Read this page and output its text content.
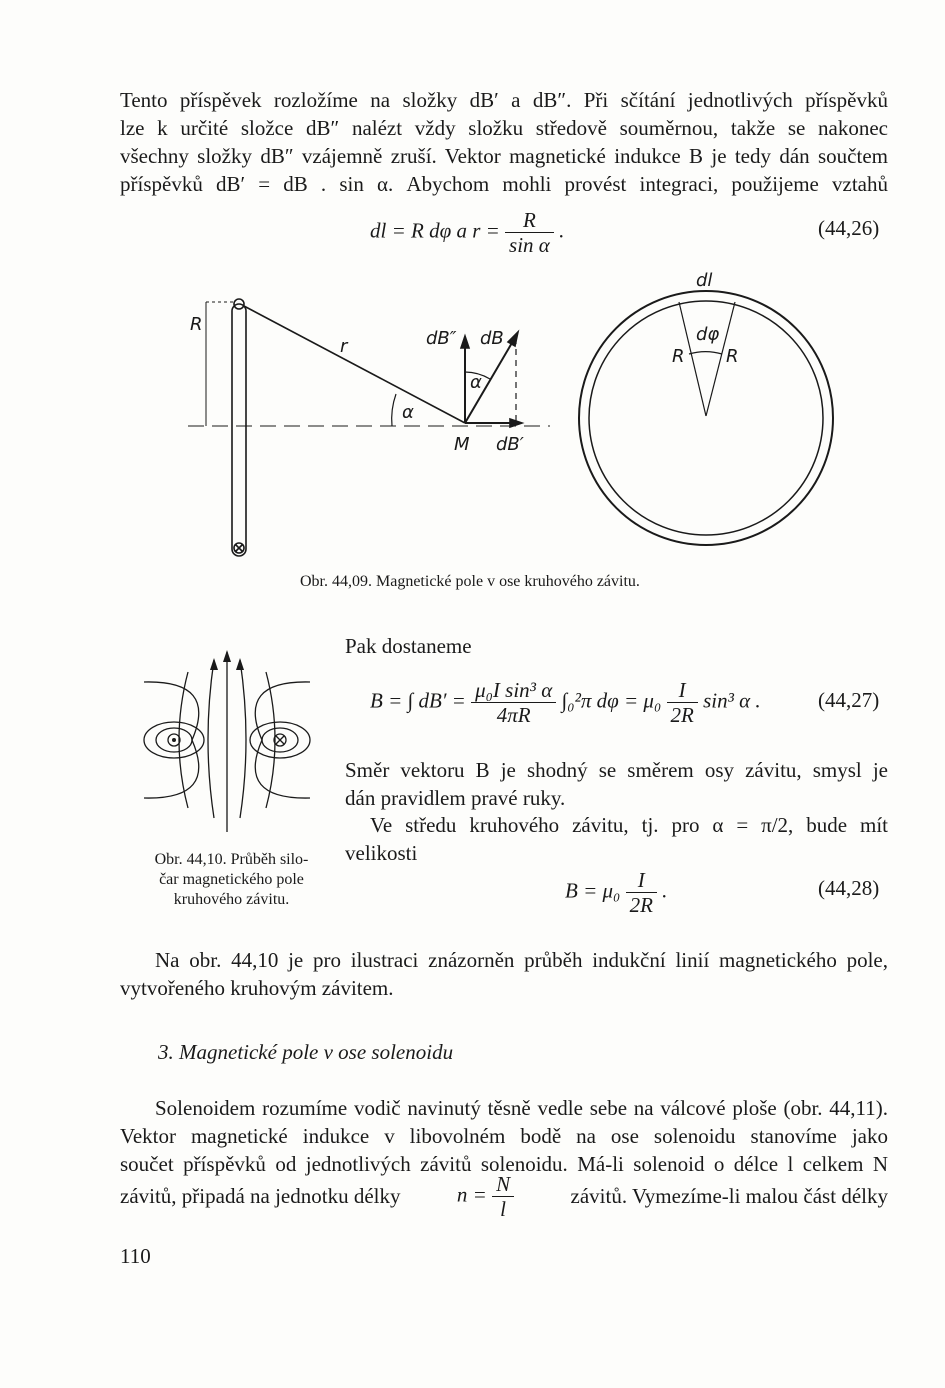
Tento příspěvek rozložíme na složky dB′ a dB″. Při sčítání jednotlivých příspěvků
lze k určité složce dB″ nalézt vždy složku středově souměrnou, takže se nakonec
všechny složky dB″ vzájemně zruší. Vektor magnetické indukce B je tedy dán součtem
příspěvků dB′ = dB . sin α. Abychom mohli provést integraci, použijeme vztahů
dl = R dφ a $r = \frac{R}{\text{sin α}}$ .	(44,26)
R
r
α
α
M
dB″ dB
dB′
dl
dφ
R R
Obr. 44,09. Magnetické pole v ose kruhového závitu.
Obr. 44,10. Průběh silo-
čar magnetického pole
kruhového závitu.
Pak dostaneme
B = ∫ $dB' = \frac{\text{μ₀I sin³ α}}{4\pi R} \int_0^2\pi$ $d\varphi = \mu_0 \frac{I}{2R} \sin^3$ α .	(44,27)
Směr vektoru B je shodný se směrem osy závitu, smysl je
dán pravidlem pravé ruky.
Ve středu kruhového závitu, tj. pro α = π/2, bude mít
velikosti
$B = \mu_0 \frac{I}{2R}$ .	(44,28)
Na obr. 44,10 je pro ilustraci znázorněn průběh indukční linií magnetického pole,
vytvořeného kruhovým závitem.
3. Magnetické pole v ose solenoidu
Solenoidem rozumíme vodič navinutý těsně vedle sebe na válcové ploše (obr. 44,11).
Vektor magnetické indukce v libovolném bodě na ose solenoidu stanovíme jako
součet příspěvků od jednotlivých závitů solenoidu. Má-li solenoid o délce l celkem N
závitů, připadá na jednotku délky	$n = \frac{N}{l}$	závitů. Vymezíme-li malou část délky
110
